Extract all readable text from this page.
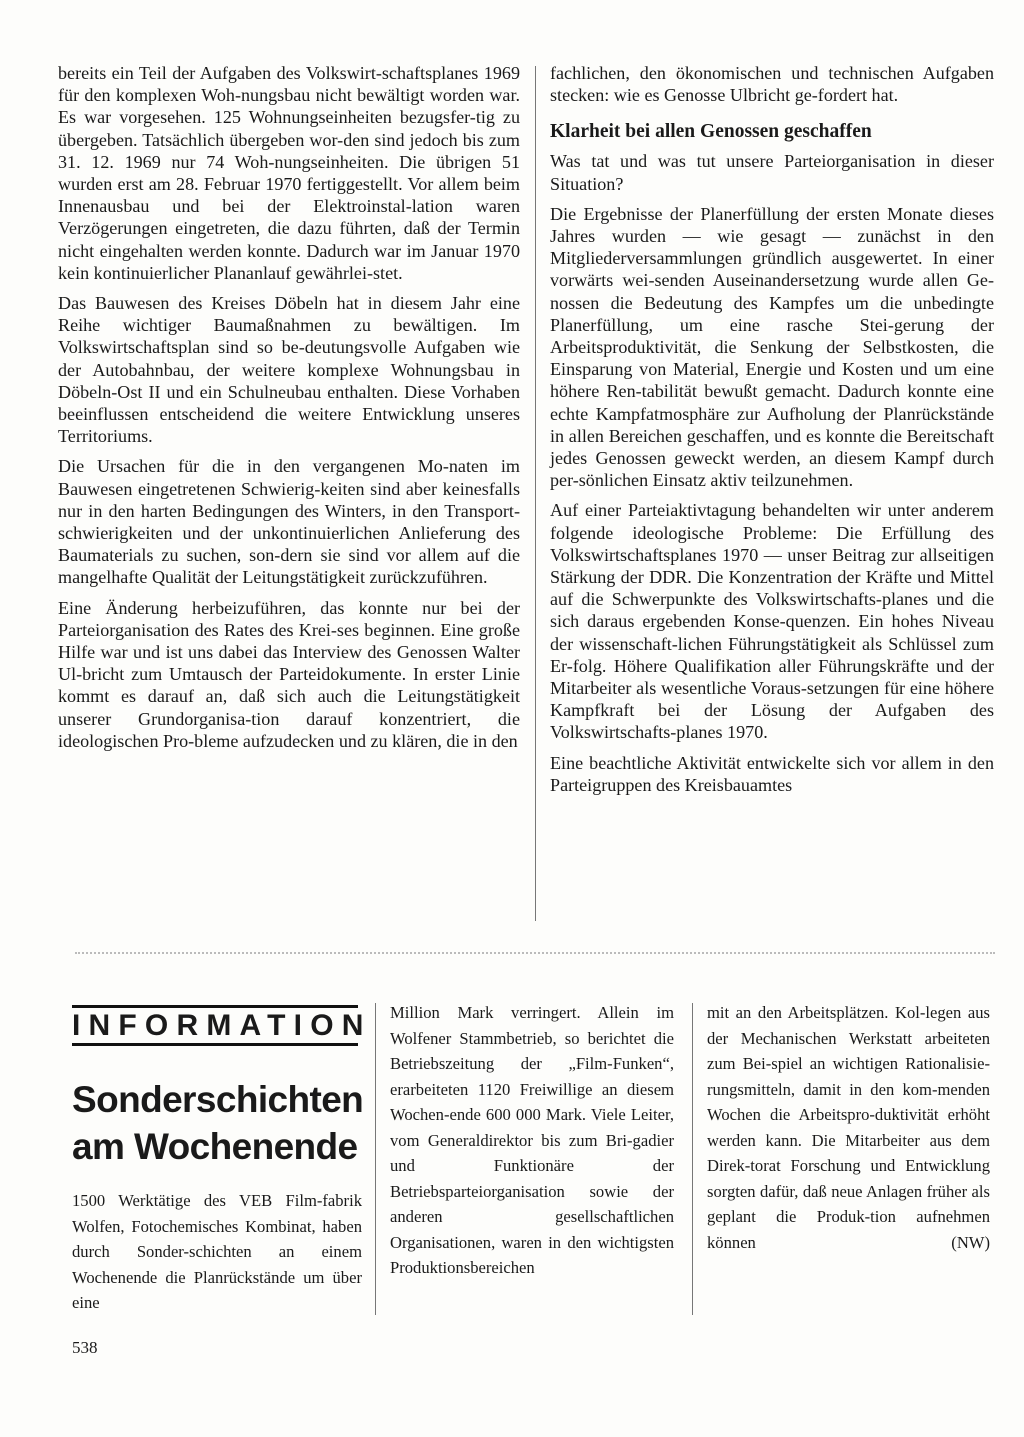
bereits ein Teil der Aufgaben des Volkswirt-schaftsplanes 1969 für den komplexen Woh-nungsbau nicht bewältigt worden war. Es war vorgesehen. 125 Wohnungseinheiten bezugsfer-tig zu übergeben. Tatsächlich übergeben wor-den sind jedoch bis zum 31. 12. 1969 nur 74 Woh-nungseinheiten. Die übrigen 51 wurden erst am 28. Februar 1970 fertiggestellt. Vor allem beim Innenausbau und bei der Elektroinstal-lation waren Verzögerungen eingetreten, die dazu führten, daß der Termin nicht eingehalten werden konnte. Dadurch war im Januar 1970 kein kontinuierlicher Plananlauf gewährlei-stet.

Das Bauwesen des Kreises Döbeln hat in diesem Jahr eine Reihe wichtiger Baumaßnahmen zu bewältigen. Im Volkswirtschaftsplan sind so be-deutungsvolle Aufgaben wie der Autobahnbau, der weitere komplexe Wohnungsbau in Döbeln-Ost II und ein Schulneubau enthalten. Diese Vorhaben beeinflussen entscheidend die weitere Entwicklung unseres Territoriums.

Die Ursachen für die in den vergangenen Mo-naten im Bauwesen eingetretenen Schwierig-keiten sind aber keinesfalls nur in den harten Bedingungen des Winters, in den Transport-schwierigkeiten und der unkontinuierlichen Anlieferung des Baumaterials zu suchen, son-dern sie sind vor allem auf die mangelhafte Qualität der Leitungstätigkeit zurückzuführen.

Eine Änderung herbeizuführen, das konnte nur bei der Parteiorganisation des Rates des Krei-ses beginnen. Eine große Hilfe war und ist uns dabei das Interview des Genossen Walter Ul-bricht zum Umtausch der Parteidokumente. In erster Linie kommt es darauf an, daß sich auch die Leitungstätigkeit unserer Grundorganisa-tion darauf konzentriert, die ideologischen Pro-bleme aufzudecken und zu klären, die in den

fachlichen, den ökonomischen und technischen Aufgaben stecken: wie es Genosse Ulbricht ge-fordert hat.

Klarheit bei allen Genossen geschaffen

Was tat und was tut unsere Parteiorganisation in dieser Situation?

Die Ergebnisse der Planerfüllung der ersten Monate dieses Jahres wurden — wie gesagt — zunächst in den Mitgliederversammlungen gründlich ausgewertet. In einer vorwärts wei-senden Auseinandersetzung wurde allen Ge-nossen die Bedeutung des Kampfes um die unbedingte Planerfüllung, um eine rasche Stei-gerung der Arbeitsproduktivität, die Senkung der Selbstkosten, die Einsparung von Material, Energie und Kosten und um eine höhere Ren-tabilität bewußt gemacht. Dadurch konnte eine echte Kampfatmosphäre zur Aufholung der Planrückstände in allen Bereichen geschaffen, und es konnte die Bereitschaft jedes Genossen geweckt werden, an diesem Kampf durch per-sönlichen Einsatz aktiv teilzunehmen.

Auf einer Parteiaktivtagung behandelten wir unter anderem folgende ideologische Probleme: Die Erfüllung des Volkswirtschaftsplanes 1970 — unser Beitrag zur allseitigen Stärkung der DDR. Die Konzentration der Kräfte und Mittel auf die Schwerpunkte des Volkswirtschafts-planes und die sich daraus ergebenden Konse-quenzen. Ein hohes Niveau der wissenschaft-lichen Führungstätigkeit als Schlüssel zum Er-folg. Höhere Qualifikation aller Führungskräfte und der Mitarbeiter als wesentliche Voraus-setzungen für eine höhere Kampfkraft bei der Lösung der Aufgaben des Volkswirtschafts-planes 1970.

Eine beachtliche Aktivität entwickelte sich vor allem in den Parteigruppen des Kreisbauamtes

INFORMATION
Sonderschichten
am Wochenende

1500 Werktätige des VEB Film-fabrik Wolfen, Fotochemisches Kombinat, haben durch Sonder-schichten an einem Wochenende die Planrückstände um über eine

Million Mark verringert. Allein im Wolfener Stammbetrieb, so berichtet die Betriebszeitung der „Film-Funken“, erarbeiteten 1120 Freiwillige an diesem Wochen-ende 600 000 Mark. Viele Leiter, vom Generaldirektor bis zum Bri-gadier und Funktionäre der Betriebsparteiorganisation sowie der anderen gesellschaftlichen Organisationen, waren in den wichtigsten Produktionsbereichen

mit an den Arbeitsplätzen. Kol-legen aus der Mechanischen Werkstatt arbeiteten zum Bei-spiel an wichtigen Rationalisie-rungsmitteln, damit in den kom-menden Wochen die Arbeitspro-duktivität erhöht werden kann. Die Mitarbeiter aus dem Direk-torat Forschung und Entwicklung sorgten dafür, daß neue Anlagen früher als geplant die Produk-tion aufnehmen können	(NW)

538
